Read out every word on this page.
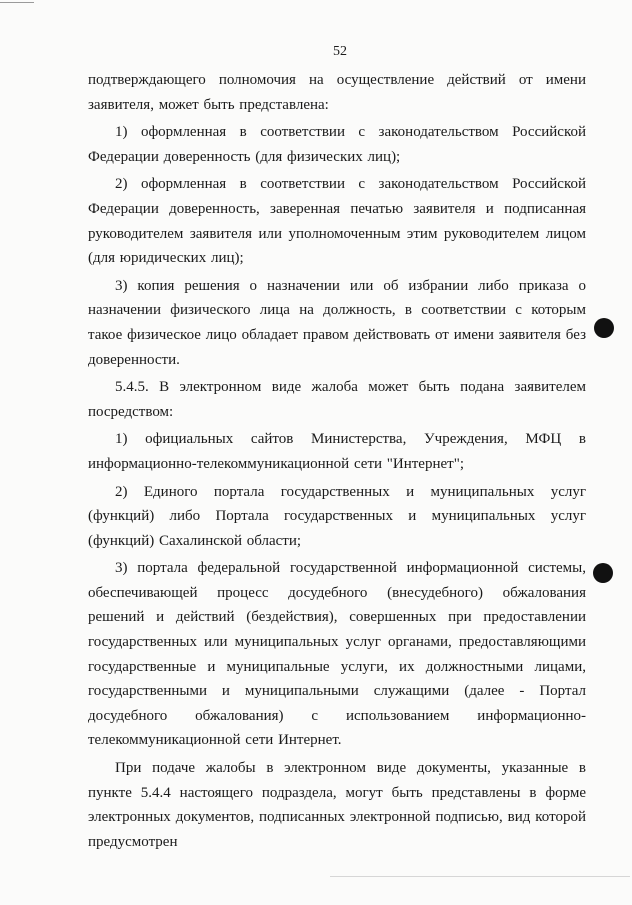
52

подтверждающего полномочия на осуществление действий от имени заявителя, может быть представлена:

1) оформленная в соответствии с законодательством Российской Федерации доверенность (для физических лиц);

2) оформленная в соответствии с законодательством Российской Федерации доверенность, заверенная печатью заявителя и подписанная руководителем заявителя или уполномоченным этим руководителем лицом (для юридических лиц);

3) копия решения о назначении или об избрании либо приказа о назначении физического лица на должность, в соответствии с которым такое физическое лицо обладает правом действовать от имени заявителя без доверенности.

5.4.5. В электронном виде жалоба может быть подана заявителем посредством:

1) официальных сайтов Министерства, Учреждения, МФЦ в информационно-телекоммуникационной сети "Интернет";

2) Единого портала государственных и муниципальных услуг (функций) либо Портала государственных и муниципальных услуг (функций) Сахалинской области;

3) портала федеральной государственной информационной системы, обеспечивающей процесс досудебного (внесудебного) обжалования решений и действий (бездействия), совершенных при предоставлении государственных или муниципальных услуг органами, предоставляющими государственные и муниципальные услуги, их должностными лицами, государственными и муниципальными служащими (далее - Портал досудебного обжалования) с использованием информационно-телекоммуникационной сети Интернет.

При подаче жалобы в электронном виде документы, указанные в пункте 5.4.4 настоящего подраздела, могут быть представлены в форме электронных документов, подписанных электронной подписью, вид которой предусмотрен
